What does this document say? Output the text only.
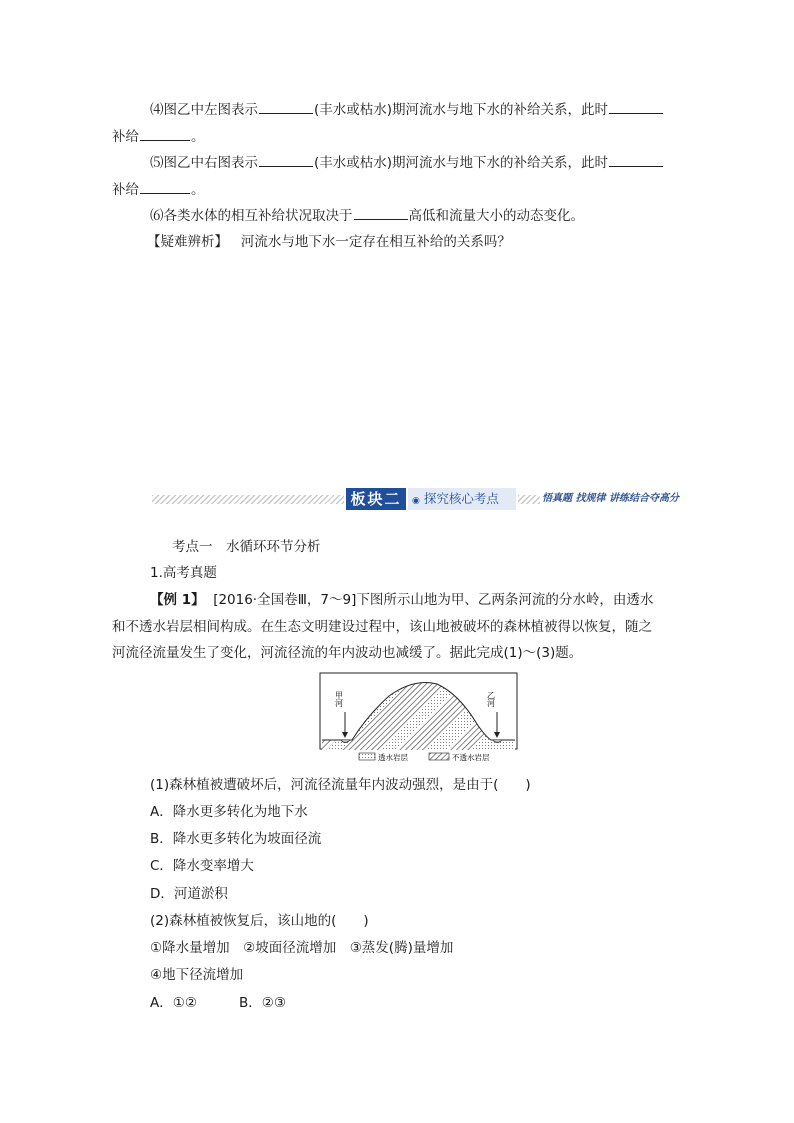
⑷图乙中左图表示	(丰水或枯水)期河流水与地下水的补给关系，此时
补给	。
⑸图乙中右图表示	(丰水或枯水)期河流水与地下水的补给关系，此时
补给	。
⑹各类水体的相互补给状况取决于	高低和流量大小的动态变化。
【疑难辨析】 河流水与地下水一定存在相互补给的关系吗？
板块二	◉ 探究核心考点	悟真题 找规律 讲练结合夺高分
考点一　水循环环节分析
1.高考真题
【例 1】 [2016·全国卷Ⅲ，7～9]下图所示山地为甲、乙两条河流的分水岭，由透水
和不透水岩层相间构成。在生态文明建设过程中，该山地被破坏的森林植被得以恢复，随之
河流径流量发生了变化，河流径流的年内波动也减缓了。据此完成(1)～(3)题。
甲河	乙河
透水岩层	不透水岩层
(1)森林植被遭破坏后，河流径流量年内波动强烈，是由于(　　)
A．降水更多转化为地下水
B．降水更多转化为坡面径流
C．降水变率增大
D．河道淤积
(2)森林植被恢复后，该山地的(　　)
①降水量增加　②坡面径流增加　③蒸发(腾)量增加
④地下径流增加
A．①②	B．②③
